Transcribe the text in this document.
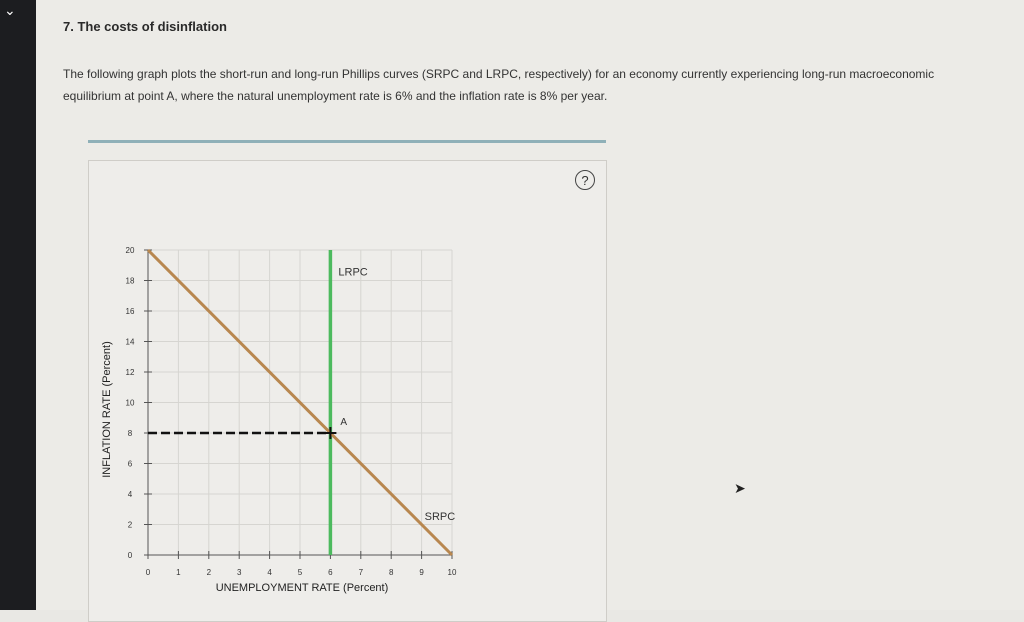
⌄
7. The costs of disinflation
The following graph plots the short-run and long-run Phillips curves (SRPC and LRPC, respectively) for an economy currently experiencing long-run macroeconomic equilibrium at point A, where the natural unemployment rate is 6% and the inflation rate is 8% per year.
?
0	1	2	3	4	5	6	7	8	9	10
0
2
4
6
8
10
12
14
16
18
20
A
LRPC
SRPC
UNEMPLOYMENT RATE (Percent)
INFLATION RATE (Percent)
➤
